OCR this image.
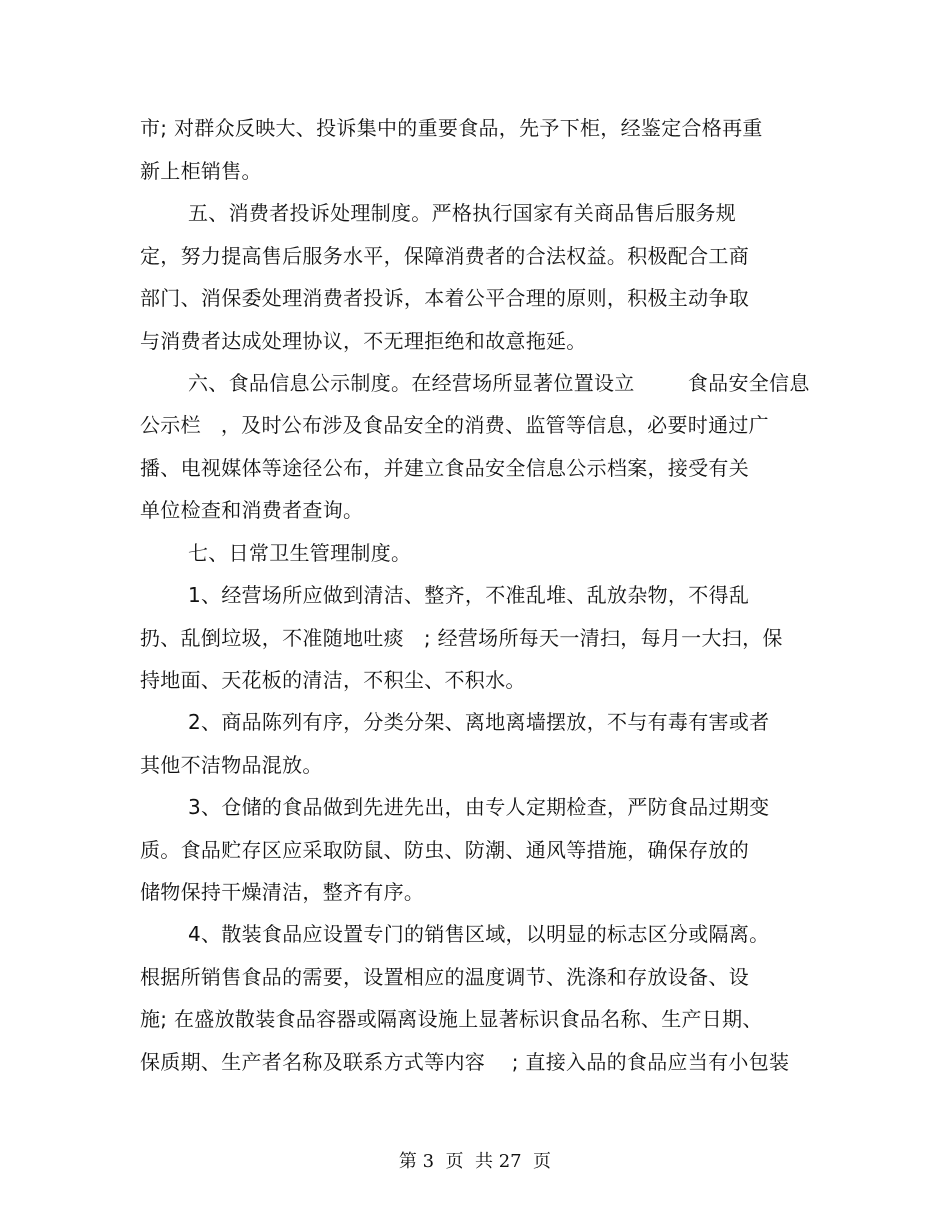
市; 对群众反映大、投诉集中的重要食品，先予下柜，经鉴定合格再重
新上柜销售。
五、消费者投诉处理制度。严格执行国家有关商品售后服务规
定，努力提高售后服务水平，保障消费者的合法权益。积极配合工商
部门、消保委处理消费者投诉，本着公平合理的原则，积极主动争取
与消费者达成处理协议，不无理拒绝和故意拖延。
六、食品信息公示制度。在经营场所显著位置设立        食品安全信息
公示栏   ，及时公布涉及食品安全的消费、监管等信息，必要时通过广
播、电视媒体等途径公布，并建立食品安全信息公示档案，接受有关
单位检查和消费者查询。
七、日常卫生管理制度。
1、经营场所应做到清洁、整齐，不准乱堆、乱放杂物，不得乱
扔、乱倒垃圾，不准随地吐痰   ; 经营场所每天一清扫，每月一大扫，保
持地面、天花板的清洁，不积尘、不积水。
2、商品陈列有序，分类分架、离地离墙摆放，不与有毒有害或者
其他不洁物品混放。
3、仓储的食品做到先进先出，由专人定期检查，严防食品过期变
质。食品贮存区应采取防鼠、防虫、防潮、通风等措施，确保存放的
储物保持干燥清洁，整齐有序。
4、散装食品应设置专门的销售区域，以明显的标志区分或隔离。
根据所销售食品的需要，设置相应的温度调节、洗涤和存放设备、设
施; 在盛放散装食品容器或隔离设施上显著标识食品名称、生产日期、
保质期、生产者名称及联系方式等内容    ; 直接入品的食品应当有小包装
第 3  页  共 27  页
